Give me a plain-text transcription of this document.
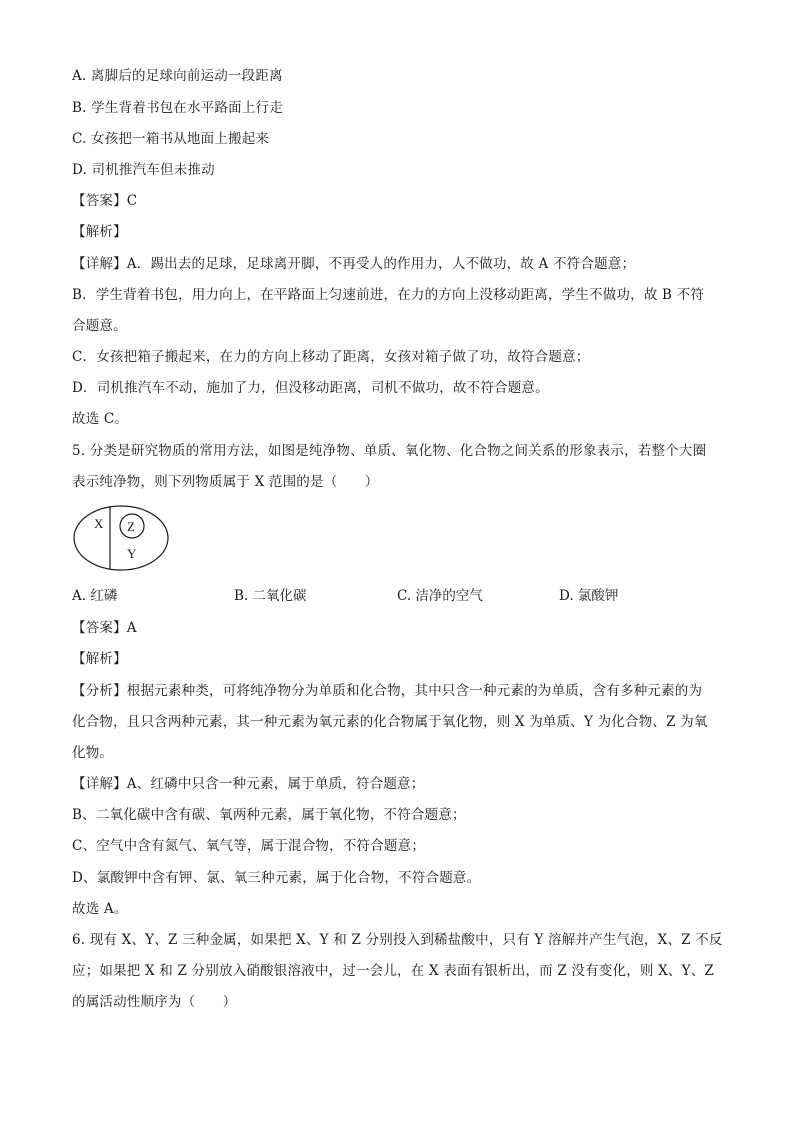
A. 离脚后的足球向前运动一段距离
B. 学生背着书包在水平路面上行走
C. 女孩把一箱书从地面上搬起来
D. 司机推汽车但未推动
【答案】C
【解析】
【详解】A．踢出去的足球，足球离开脚，不再受人的作用力，人不做功，故 A 不符合题意；
B．学生背着书包，用力向上，在平路面上匀速前进，在力的方向上没移动距离，学生不做功，故 B 不符
合题意。
C．女孩把箱子搬起来，在力的方向上移动了距离，女孩对箱子做了功，故符合题意；
D．司机推汽车不动，施加了力，但没移动距离，司机不做功，故不符合题意。
故选 C。
5. 分类是研究物质的常用方法，如图是纯净物、单质、氧化物、化合物之间关系的形象表示，若整个大圈
表示纯净物，则下列物质属于 X 范围的是（　　）
X Z
Y
A. 红磷	B. 二氧化碳	C. 洁净的空气	D. 氯酸钾
【答案】A
【解析】
【分析】根据元素种类，可将纯净物分为单质和化合物，其中只含一种元素的为单质，含有多种元素的为
化合物，且只含两种元素，其一种元素为氧元素的化合物属于氧化物，则 X 为单质、Y 为化合物、Z 为氧
化物。
【详解】A、红磷中只含一种元素，属于单质，符合题意；
B、二氧化碳中含有碳、氧两种元素，属于氧化物，不符合题意；
C、空气中含有氮气、氧气等，属于混合物，不符合题意；
D、氯酸钾中含有钾、氯、氧三种元素，属于化合物，不符合题意。
故选 A。
6. 现有 X、Y、Z 三种金属，如果把 X、Y 和 Z 分别投入到稀盐酸中，只有 Y 溶解并产生气泡，X、Z 不反
应；如果把 X 和 Z 分别放入硝酸银溶液中，过一会儿，在 X 表面有银析出，而 Z 没有变化，则 X、Y、Z
的属活动性顺序为（　　）
